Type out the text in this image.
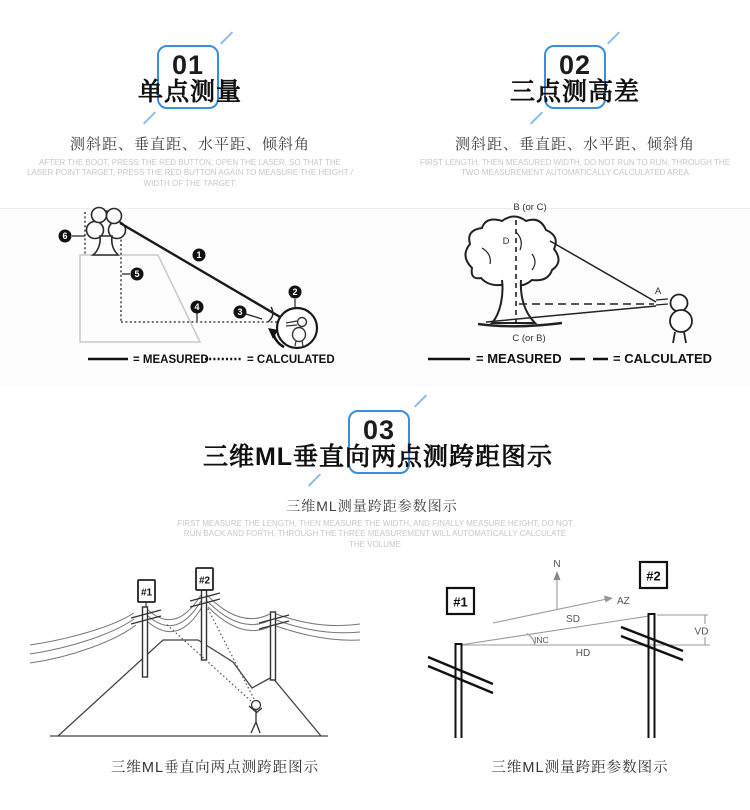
01
单点测量
测斜距、垂直距、水平距、倾斜角
AFTER THE BOOT, PRESS THE RED BUTTON, OPEN THE LASER, SO THAT THE LASER POINT TARGET, PRESS THE RED BUTTON AGAIN TO MEASURE THE HEIGHT / WIDTH OF THE TARGET.
02
三点测高差
测斜距、垂直距、水平距、倾斜角
FIRST LENGTH, THEN MEASURED WIDTH, DO NOT RUN TO RUN, THROUGH THE TWO MEASUREMENT AUTOMATICALLY CALCULATED AREA
1
2
3
4
5
6
= MEASURED	= CALCULATED
B (or C)
D
C (or B)
A
= MEASURED	= CALCULATED
03
三维ML垂直向两点测跨距图示
三维ML测量跨距参数图示
FIRST MEASURE THE LENGTH, THEN MEASURE THE WIDTH, AND FINALLY MEASURE HEIGHT, DO NOT RUN BACK AND FORTH, THROUGH THE THREE MEASUREMENT WILL AUTOMATICALLY CALCULATE THE VOLUME
#1
#2
三维ML垂直向两点测跨距图示
#1
#2
N
AZ
SD
INC
HD
VD
三维ML测量跨距参数图示
